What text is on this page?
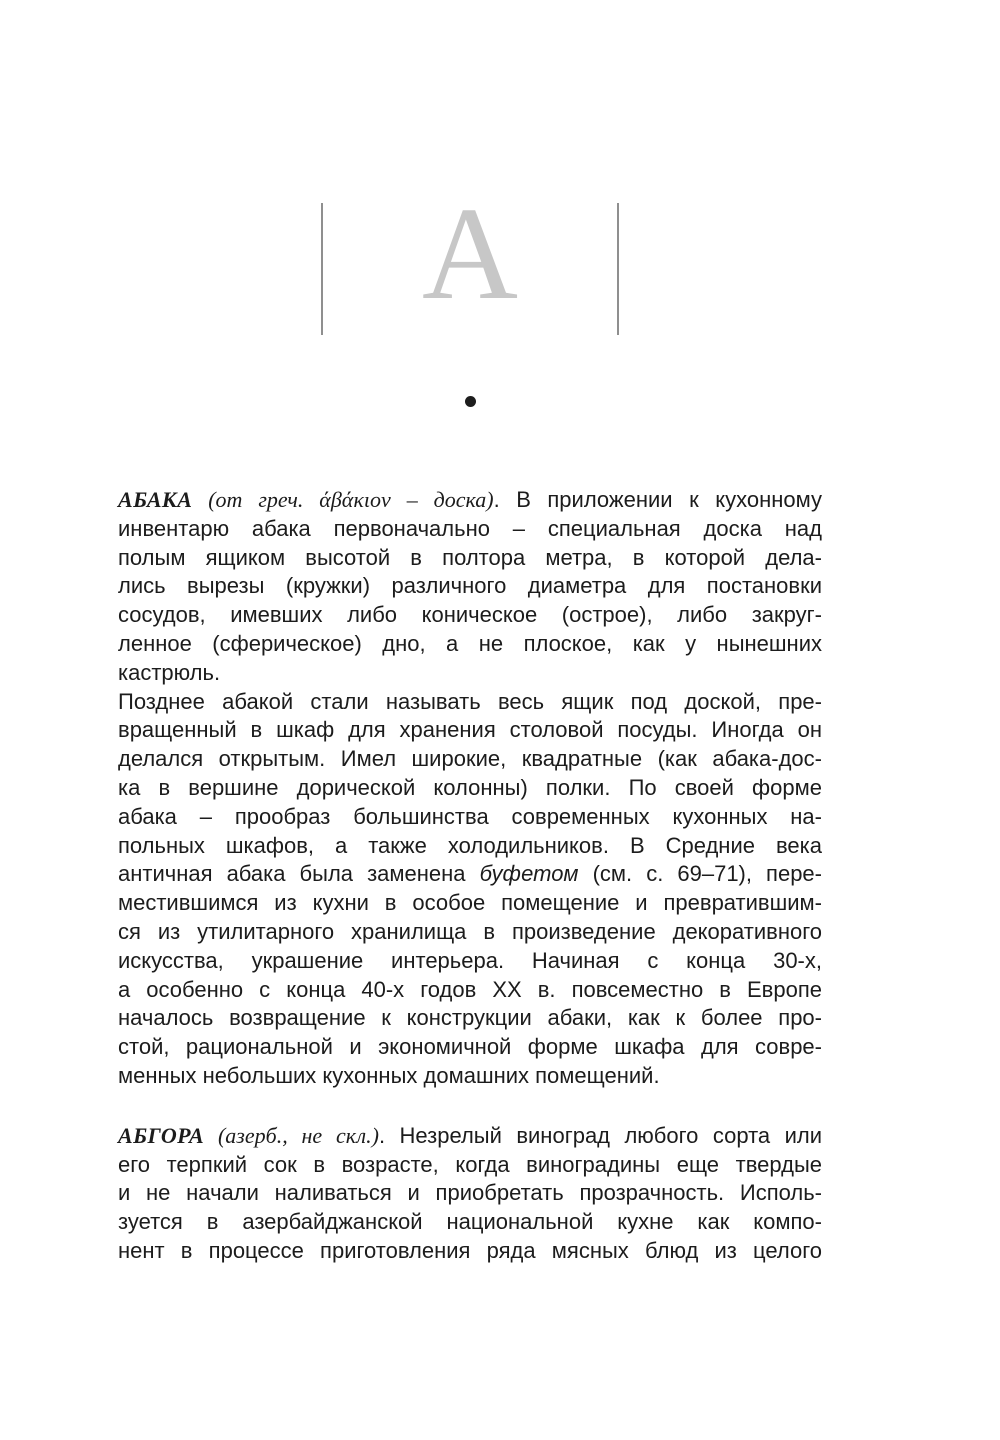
А
АБАКА (от греч. άβάκιον – доска). В приложении к кухонному
инвентарю абака первоначально – специальная доска над
полым ящиком высотой в полтора метра, в которой дела-
лись вырезы (кружки) различного диаметра для постановки
сосудов, имевших либо коническое (острое), либо закруг-
ленное (сферическое) дно, а не плоское, как у нынешних
кастрюль.
Позднее абакой стали называть весь ящик под доской, пре-
вращенный в шкаф для хранения столовой посуды. Иногда он
делался открытым. Имел широкие, квадратные (как абака-дос-
ка в вершине дорической колонны) полки. По своей форме
абака – прообраз большинства современных кухонных на-
польных шкафов, а также холодильников. В Средние века
античная абака была заменена буфетом (см. с. 69–71), пере-
местившимся из кухни в особое помещение и превратившим-
ся из утилитарного хранилища в произведение декоративного
искусства, украшение интерьера. Начиная с конца 30-х,
а особенно с конца 40-х годов XX в. повсеместно в Европе
началось возвращение к конструкции абаки, как к более про-
стой, рациональной и экономичной форме шкафа для совре-
менных небольших кухонных домашних помещений.
АБГОРА (азерб., не скл.). Незрелый виноград любого сорта или
его терпкий сок в возрасте, когда виноградины еще твердые
и не начали наливаться и приобретать прозрачность. Исполь-
зуется в азербайджанской национальной кухне как компо-
нент в процессе приготовления ряда мясных блюд из целого
